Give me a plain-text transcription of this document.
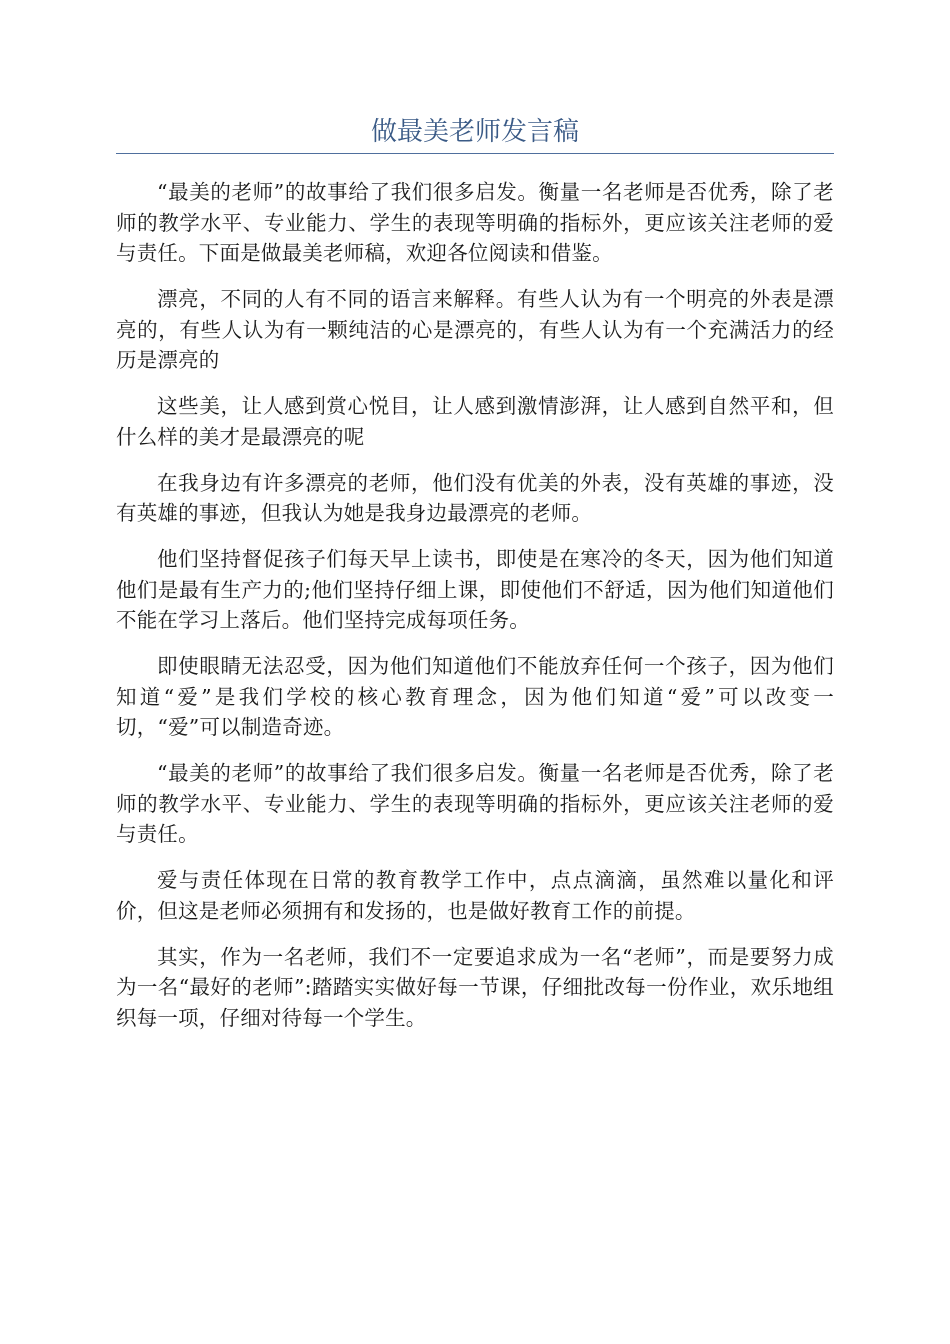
做最美老师发言稿

“最美的老师”的故事给了我们很多启发。衡量一名老师是否优秀，除了老师的教学水平、专业能力、学生的表现等明确的指标外，更应该关注老师的爱与责任。下面是做最美老师稿，欢迎各位阅读和借鉴。

漂亮，不同的人有不同的语言来解释。有些人认为有一个明亮的外表是漂亮的，有些人认为有一颗纯洁的心是漂亮的，有些人认为有一个充满活力的经历是漂亮的

这些美，让人感到赏心悦目，让人感到激情澎湃，让人感到自然平和，但什么样的美才是最漂亮的呢

在我身边有许多漂亮的老师，他们没有优美的外表，没有英雄的事迹，没有英雄的事迹，但我认为她是我身边最漂亮的老师。

他们坚持督促孩子们每天早上读书，即使是在寒冷的冬天，因为他们知道他们是最有生产力的;他们坚持仔细上课，即使他们不舒适，因为他们知道他们不能在学习上落后。他们坚持完成每项任务。

即使眼睛无法忍受，因为他们知道他们不能放弃任何一个孩子，因为他们知道“爱”是我们学校的核心教育理念，因为他们知道“爱”可以改变一切，“爱”可以制造奇迹。

“最美的老师”的故事给了我们很多启发。衡量一名老师是否优秀，除了老师的教学水平、专业能力、学生的表现等明确的指标外，更应该关注老师的爱与责任。

爱与责任体现在日常的教育教学工作中，点点滴滴，虽然难以量化和评价，但这是老师必须拥有和发扬的，也是做好教育工作的前提。

其实，作为一名老师，我们不一定要追求成为一名“老师”，而是要努力成为一名“最好的老师”:踏踏实实做好每一节课，仔细批改每一份作业，欢乐地组织每一项，仔细对待每一个学生。
